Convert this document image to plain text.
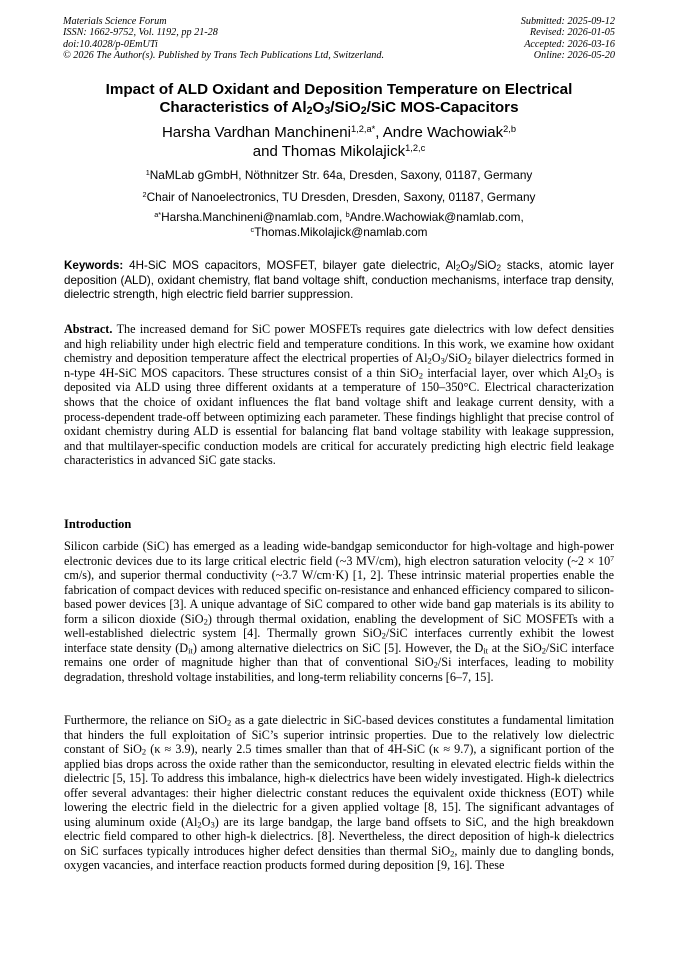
Materials Science Forum
ISSN: 1662-9752, Vol. 1192, pp 21-28
doi:10.4028/p-0EmUTi
© 2026 The Author(s). Published by Trans Tech Publications Ltd, Switzerland.
Submitted: 2025-09-12
Revised: 2026-01-05
Accepted: 2026-03-16
Online: 2026-05-20
Impact of ALD Oxidant and Deposition Temperature on Electrical
Characteristics of $Al_2O_3/SiO_2$/SiC MOS-Capacitors
Harsha Vardhan Manchineni$^{1,2,a*}$, Andre Wachowiak$^{2,b}$
and Thomas Mikolajick$^{1,2,c}$
$^1$NaMLab gGmbH, Nöthnitzer Str. 64a, Dresden, Saxony, 01187, Germany
$^2$Chair of Nanoelectronics, TU Dresden, Dresden, Saxony, 01187, Germany
$^{a*}$Harsha.Manchineni@namlab.com, $^b$Andre.Wachowiak@namlab.com,
$^c$Thomas.Mikolajick@namlab.com
Keywords: 4H-SiC MOS capacitors, MOSFET, bilayer gate dielectric, $Al_2O_3/SiO_2$ stacks, atomic layer deposition (ALD), oxidant chemistry, flat band voltage shift, conduction mechanisms, interface trap density, dielectric strength, high electric field barrier suppression.
Abstract. The increased demand for SiC power MOSFETs requires gate dielectrics with low defect densities and high reliability under high electric field and temperature conditions. In this work, we examine how oxidant chemistry and deposition temperature affect the electrical properties of $Al_2O_3/SiO_2$ bilayer dielectrics formed in n-type 4H-SiC MOS capacitors. These structures consist of a thin SiO$_2$ interfacial layer, over which $Al_2O_3$ is deposited via ALD using three different oxidants at a temperature of 150–350°C. Electrical characterization shows that the choice of oxidant influences the flat band voltage shift and leakage current density, with a process-dependent trade-off between optimizing each parameter. These findings highlight that precise control of oxidant chemistry during ALD is essential for balancing flat band voltage stability with leakage suppression, and that multilayer-specific conduction models are critical for accurately predicting high electric field leakage characteristics in advanced SiC gate stacks.
Introduction
Silicon carbide (SiC) has emerged as a leading wide-bandgap semiconductor for high-voltage and high-power electronic devices due to its large critical electric field (~3 MV/cm), high electron saturation velocity (~2 × $10^7$ cm/s), and superior thermal conductivity (~3.7 W/cm·K) [1, 2]. These intrinsic material properties enable the fabrication of compact devices with reduced specific on-resistance and enhanced efficiency compared to silicon-based power devices [3]. A unique advantage of SiC compared to other wide band gap materials is its ability to form a silicon dioxide (SiO$_2$) through thermal oxidation, enabling the development of SiC MOSFETs with a well-established dielectric system [4]. Thermally grown SiO$_2$/SiC interfaces currently exhibit the lowest interface state density $(D_{it})$ among alternative dielectrics on SiC [5]. However, the $D_{it}$ at the SiO$_2$/SiC interface remains one order of magnitude higher than that of conventional SiO$_2$/Si interfaces, leading to mobility degradation, threshold voltage instabilities, and long-term reliability concerns [6–7, 15].
Furthermore, the reliance on SiO$_2$ as a gate dielectric in SiC-based devices constitutes a fundamental limitation that hinders the full exploitation of SiC’s superior intrinsic properties. Due to the relatively low dielectric constant of SiO$_2$ (κ ≈ 3.9), nearly 2.5 times smaller than that of 4H-SiC (κ ≈ 9.7), a significant portion of the applied bias drops across the oxide rather than the semiconductor, resulting in elevated electric fields within the dielectric [5, 15]. To address this imbalance, high-κ dielectrics have been widely investigated. High-k dielectrics offer several advantages: their higher dielectric constant reduces the equivalent oxide thickness (EOT) while lowering the electric field in the dielectric for a given applied voltage [8, 15]. The significant advantages of using aluminum oxide $(Al_2O_3)$ are its large bandgap, the large band offsets to SiC, and the high breakdown electric field compared to other high-k dielectrics. [8]. Nevertheless, the direct deposition of high-k dielectrics on SiC surfaces typically introduces higher defect densities than thermal SiO$_2$, mainly due to dangling bonds, oxygen vacancies, and interface reaction products formed during deposition [9, 16]. These
